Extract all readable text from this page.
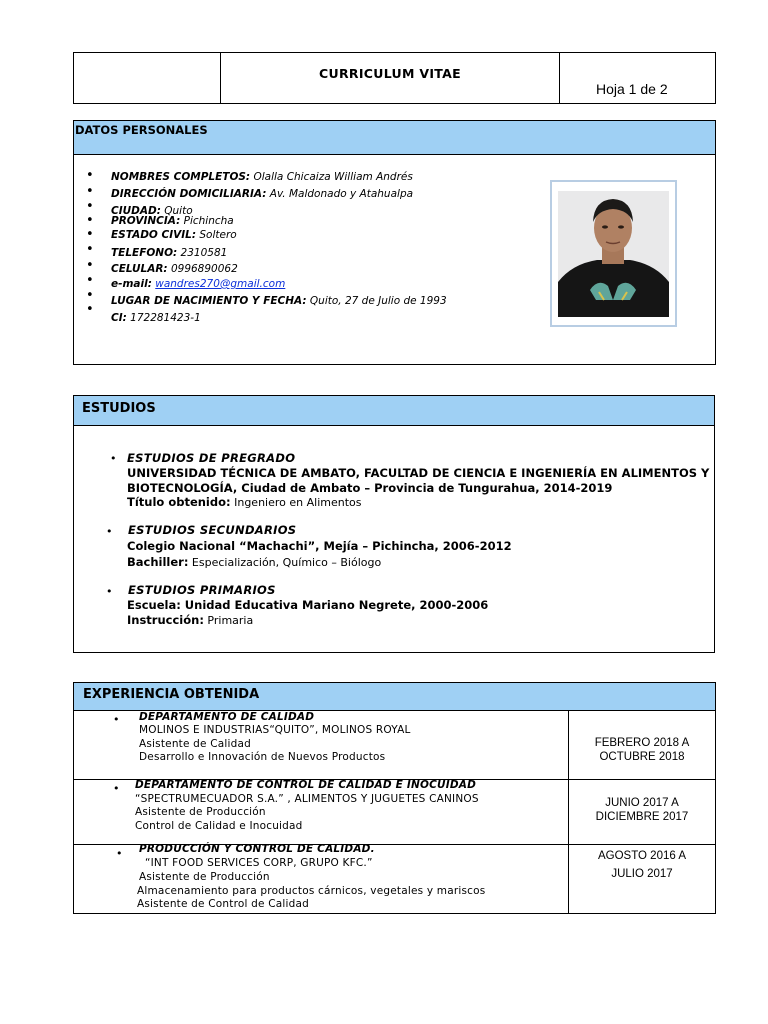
CURRICULUM VITAE
Hoja 1 de 2
DATOS PERSONALES
•
•
•
•
•
•
•
•
•
•
NOMBRES COMPLETOS: Olalla Chicaiza William Andrés
DIRECCIÓN DOMICILIARIA: Av. Maldonado y Atahualpa
CIUDAD: Quito
PROVINCIA: Pichincha
ESTADO CIVIL: Soltero
TELEFONO: 2310581
CELULAR: 0996890062
e-mail: wandres270@gmail.com
LUGAR DE NACIMIENTO Y FECHA: Quito, 27 de Julio de 1993
CI: 172281423-1
ESTUDIOS
• ESTUDIOS DE PREGRADO
UNIVERSIDAD TÉCNICA DE AMBATO, FACULTAD DE CIENCIA E INGENIERÍA EN ALIMENTOS Y
BIOTECNOLOGÍA, Ciudad de Ambato – Provincia de Tungurahua, 2014-2019
Título obtenido: Ingeniero en Alimentos
• ESTUDIOS SECUNDARIOS
Colegio Nacional “Machachi”, Mejía – Pichincha, 2006-2012
Bachiller: Especialización, Químico – Biólogo
• ESTUDIOS PRIMARIOS
Escuela: Unidad Educativa Mariano Negrete, 2000-2006
Instrucción: Primaria
EXPERIENCIA OBTENIDA
• DEPARTAMENTO DE CALIDAD
MOLINOS E INDUSTRIAS“QUITO”, MOLINOS ROYAL
Asistente de Calidad
Desarrollo e Innovación de Nuevos Productos
FEBRERO 2018 A
OCTUBRE 2018
• DEPARTAMENTO DE CONTROL DE CALIDAD E INOCUIDAD
“SPECTRUMECUADOR S.A.” , ALIMENTOS Y JUGUETES CANINOS
Asistente de Producción
Control de Calidad e Inocuidad
JUNIO 2017 A
DICIEMBRE 2017
• PRODUCCIÓN Y CONTROL DE CALIDAD.
“INT FOOD SERVICES CORP, GRUPO KFC.”
Asistente de Producción
Almacenamiento para productos cárnicos, vegetales y mariscos
Asistente de Control de Calidad
AGOSTO 2016 A
JULIO 2017
